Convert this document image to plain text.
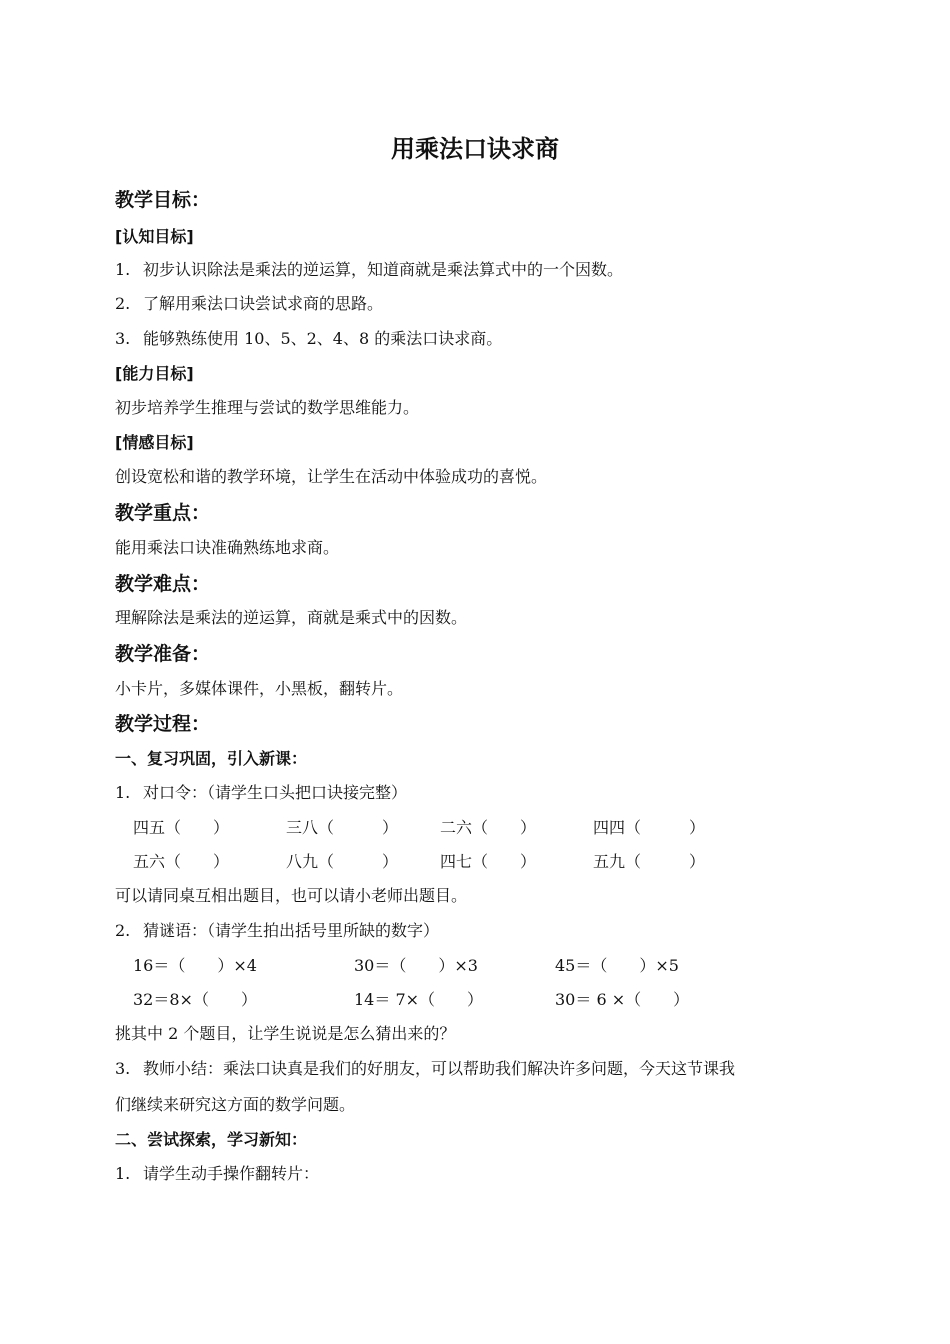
用乘法口诀求商
教学目标：
[认知目标]
1. 初步认识除法是乘法的逆运算，知道商就是乘法算式中的一个因数。
2. 了解用乘法口诀尝试求商的思路。
3. 能够熟练使用 10、5、2、4、8 的乘法口诀求商。
[能力目标]
初步培养学生推理与尝试的数学思维能力。
[情感目标]
创设宽松和谐的教学环境，让学生在活动中体验成功的喜悦。
教学重点：
能用乘法口诀准确熟练地求商。
教学难点：
理解除法是乘法的逆运算，商就是乘式中的因数。
教学准备：
小卡片，多媒体课件，小黑板，翻转片。
教学过程：
一、复习巩固，引入新课：
1. 对口令：（请学生口头把口诀接完整）
四五（　　）	三八（　　　）	二六（　　）	四四（　　　）
五六（　　）	八九（　　　）	四七（　　）	五九（　　　）
可以请同桌互相出题目，也可以请小老师出题目。
2. 猜谜语：（请学生拍出括号里所缺的数字）
16＝（　　）×4	30＝（　　）×3	45＝（　　）×5
32＝8×（　　）	14＝ 7×（　　）	30＝ 6 ×（　　）
挑其中 2 个题目，让学生说说是怎么猜出来的？
3. 教师小结：乘法口诀真是我们的好朋友，可以帮助我们解决许多问题，今天这节课我
们继续来研究这方面的数学问题。
二、尝试探索，学习新知：
1. 请学生动手操作翻转片：
